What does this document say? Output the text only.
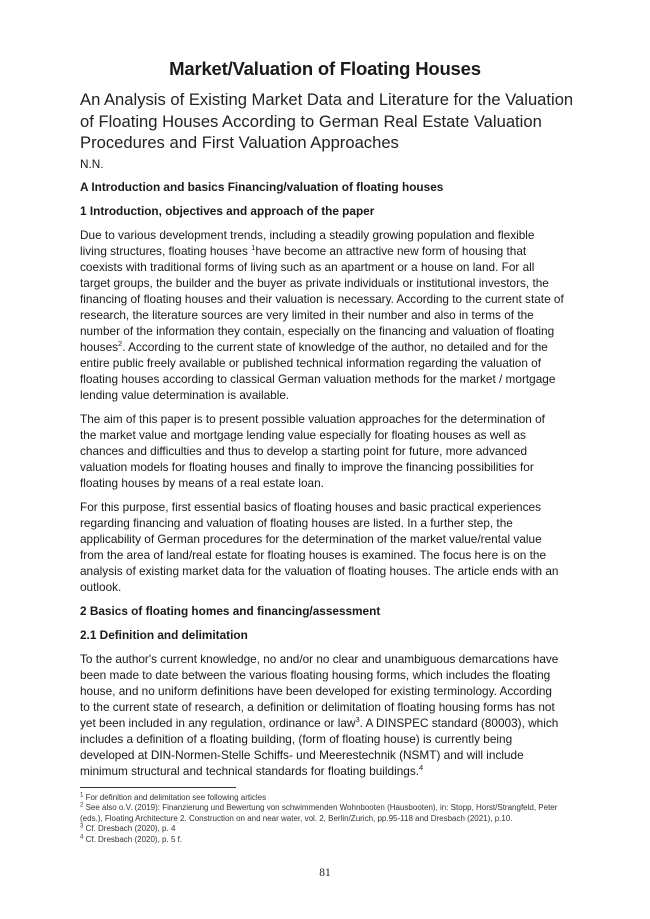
Market/Valuation of Floating Houses
An Analysis of Existing Market Data and Literature for the Valuation of Floating Houses According to German Real Estate Valuation Procedures and First Valuation Approaches
N.N.
A Introduction and basics Financing/valuation of floating houses
1 Introduction, objectives and approach of the paper

Due to various development trends, including a steadily growing population and flexible living structures, floating houses $^1$have become an attractive new form of housing that coexists with traditional forms of living such as an apartment or a house on land. For all target groups, the builder and the buyer as private individuals or institutional investors, the financing of floating houses and their valuation is necessary. According to the current state of research, the literature sources are very limited in their number and also in terms of the number of the information they contain, especially on the financing and valuation of floating houses$^2$. According to the current state of knowledge of the author, no detailed and for the entire public freely available or published technical information regarding the valuation of floating houses according to classical German valuation methods for the market / mortgage lending value determination is available.

The aim of this paper is to present possible valuation approaches for the determination of the market value and mortgage lending value especially for floating houses as well as chances and difficulties and thus to develop a starting point for future, more advanced valuation models for floating houses and finally to improve the financing possibilities for floating houses by means of a real estate loan.

For this purpose, first essential basics of floating houses and basic practical experiences regarding financing and valuation of floating houses are listed. In a further step, the applicability of German procedures for the determination of the market value/rental value from the area of land/real estate for floating houses is examined. The focus here is on the analysis of existing market data for the valuation of floating houses. The article ends with an outlook.

2 Basics of floating homes and financing/assessment
2.1 Definition and delimitation

To the author's current knowledge, no and/or no clear and unambiguous demarcations have been made to date between the various floating housing forms, which includes the floating house, and no uniform definitions have been developed for existing terminology. According to the current state of research, a definition or delimitation of floating housing forms has not yet been included in any regulation, ordinance or law$^3$. A DINSPEC standard (80003), which includes a definition of a floating building, (form of floating house) is currently being developed at DIN-Normen-Stelle Schiffs- und Meerestechnik (NSMT) and will include minimum structural and technical standards for floating buildings.$^4$

$^1$ For definition and delimitation see following articles
$^2$ See also o.V. (2019): Finanzierung und Bewertung von schwimmenden Wohnbooten (Hausbooten), in: Stopp, Horst/Strangfeld, Peter (eds.), Floating Architecture 2. Construction on and near water, vol. 2, Berlin/Zurich, pp.95-118 and Dresbach (2021), p.10.
$^3$ Cf. Dresbach (2020), p. 4
$^4$ Cf. Dresbach (2020), p. 5 f.
81
